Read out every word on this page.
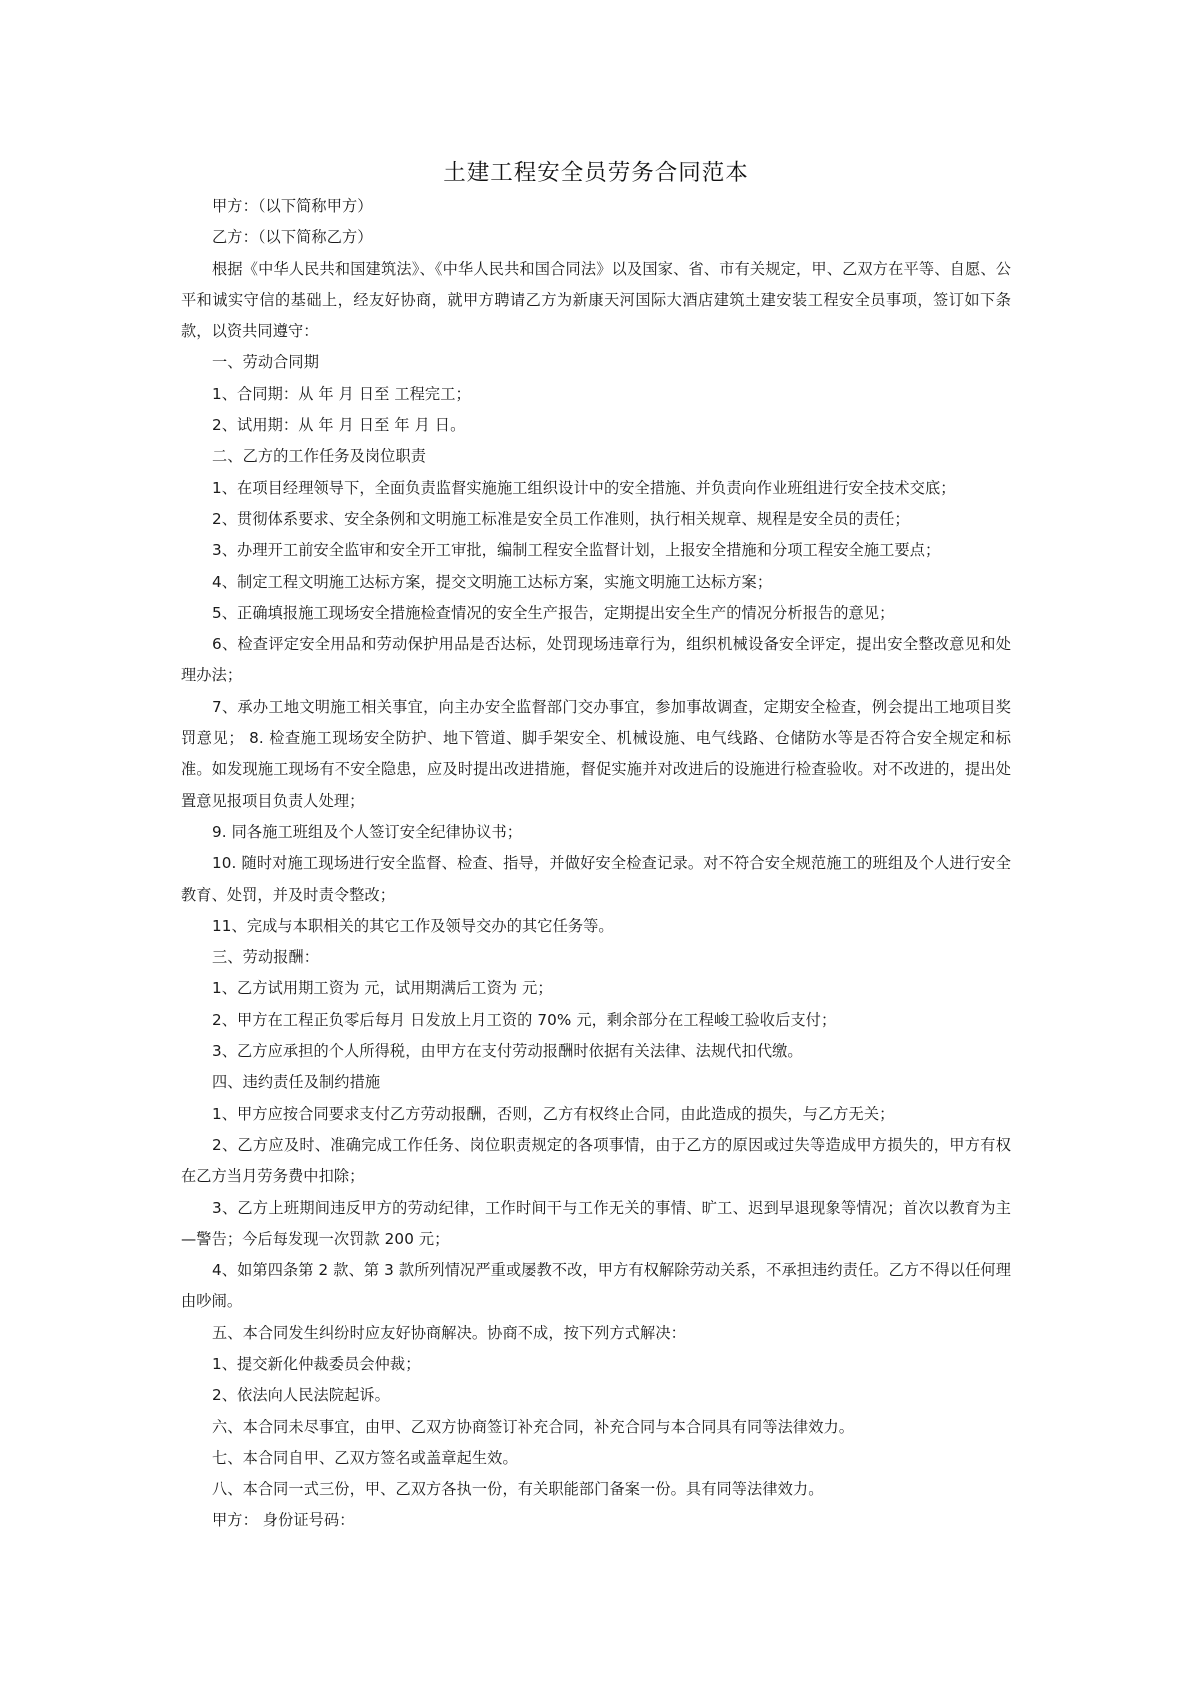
土建工程安全员劳务合同范本

甲方：（以下简称甲方）

乙方：（以下简称乙方）

根据《中华人民共和国建筑法》、《中华人民共和国合同法》以及国家、省、市有关规定，甲、乙双方在平等、自愿、公平和诚实守信的基础上，经友好协商，就甲方聘请乙方为新康天河国际大酒店建筑土建安装工程安全员事项，签订如下条款，以资共同遵守：

一、劳动合同期

1、合同期：从 年 月 日至 工程完工；

2、试用期：从 年 月 日至 年 月 日。

二、乙方的工作任务及岗位职责

1、在项目经理领导下，全面负责监督实施施工组织设计中的安全措施、并负责向作业班组进行安全技术交底；

2、贯彻体系要求、安全条例和文明施工标准是安全员工作准则，执行相关规章、规程是安全员的责任；

3、办理开工前安全监审和安全开工审批，编制工程安全监督计划，上报安全措施和分项工程安全施工要点；

4、制定工程文明施工达标方案，提交文明施工达标方案，实施文明施工达标方案；

5、正确填报施工现场安全措施检查情况的安全生产报告，定期提出安全生产的情况分析报告的意见；

6、检查评定安全用品和劳动保护用品是否达标，处罚现场违章行为，组织机械设备安全评定，提出安全整改意见和处理办法；

7、承办工地文明施工相关事宜，向主办安全监督部门交办事宜，参加事故调查，定期安全检查，例会提出工地项目奖罚意见； 8. 检查施工现场安全防护、地下管道、脚手架安全、机械设施、电气线路、仓储防水等是否符合安全规定和标准。如发现施工现场有不安全隐患，应及时提出改进措施，督促实施并对改进后的设施进行检查验收。对不改进的，提出处置意见报项目负责人处理；

9. 同各施工班组及个人签订安全纪律协议书；

10. 随时对施工现场进行安全监督、检查、指导，并做好安全检查记录。对不符合安全规范施工的班组及个人进行安全教育、处罚，并及时责令整改；

11、完成与本职相关的其它工作及领导交办的其它任务等。

三、劳动报酬：

1、乙方试用期工资为 元，试用期满后工资为 元；

2、甲方在工程正负零后每月 日发放上月工资的 70% 元，剩余部分在工程峻工验收后支付；

3、乙方应承担的个人所得税，由甲方在支付劳动报酬时依据有关法律、法规代扣代缴。

四、违约责任及制约措施

1、甲方应按合同要求支付乙方劳动报酬，否则，乙方有权终止合同，由此造成的损失，与乙方无关；

2、乙方应及时、准确完成工作任务、岗位职责规定的各项事情，由于乙方的原因或过失等造成甲方损失的，甲方有权在乙方当月劳务费中扣除；

3、乙方上班期间违反甲方的劳动纪律，工作时间干与工作无关的事情、旷工、迟到早退现象等情况；首次以教育为主—警告；今后每发现一次罚款 200 元；

4、如第四条第 2 款、第 3 款所列情况严重或屡教不改，甲方有权解除劳动关系，不承担违约责任。乙方不得以任何理由吵闹。

五、本合同发生纠纷时应友好协商解决。协商不成，按下列方式解决：

1、提交新化仲裁委员会仲裁；

2、依法向人民法院起诉。

六、本合同未尽事宜，由甲、乙双方协商签订补充合同，补充合同与本合同具有同等法律效力。

七、本合同自甲、乙双方签名或盖章起生效。

八、本合同一式三份，甲、乙双方各执一份，有关职能部门备案一份。具有同等法律效力。

甲方： 身份证号码：
